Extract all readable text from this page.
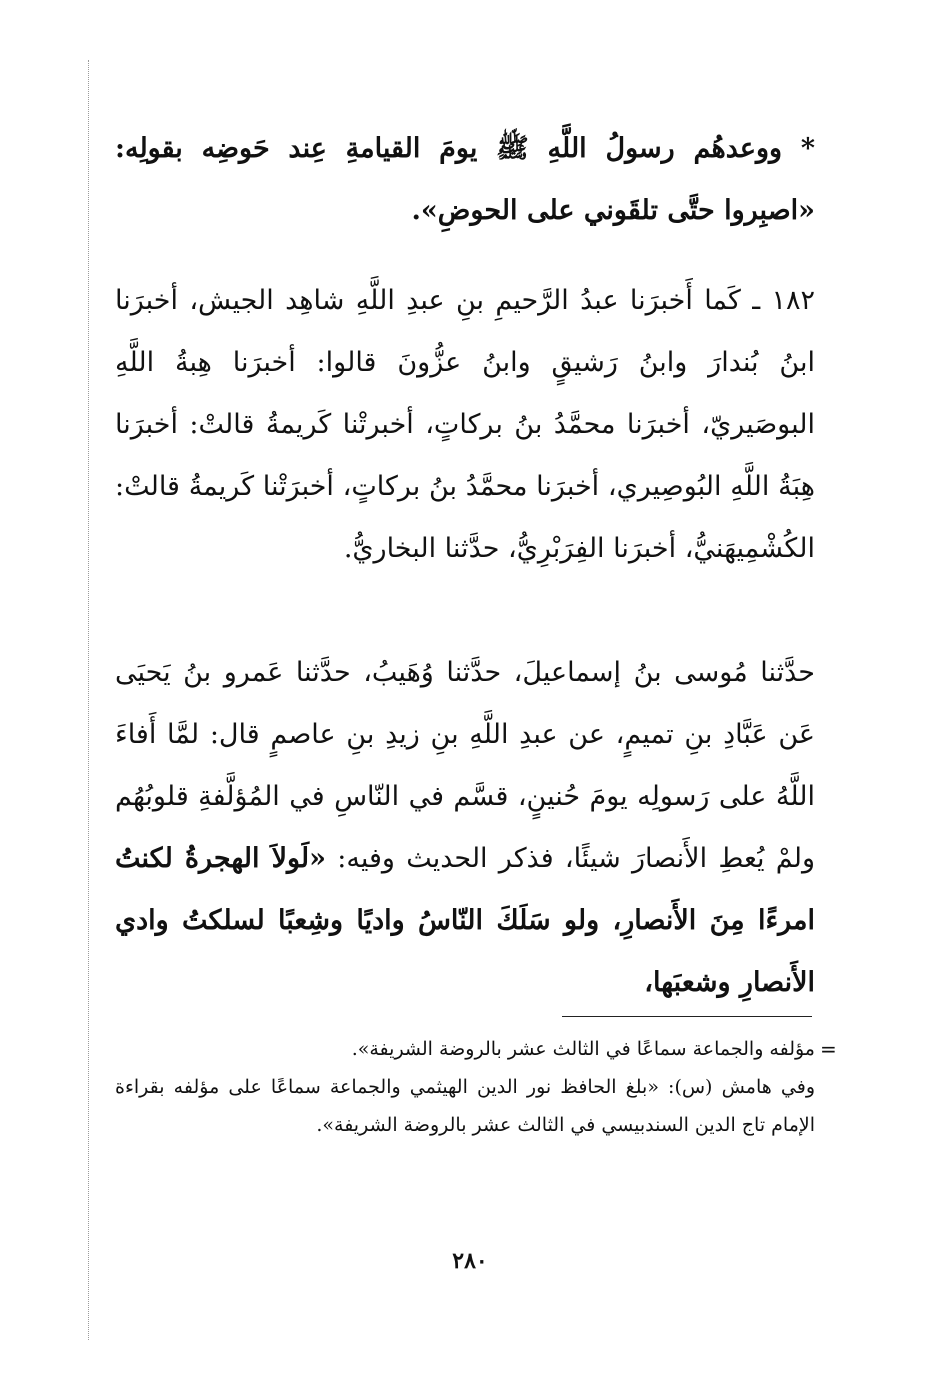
* ووعدهُم رسولُ اللَّهِ ﷺ يومَ القيامةِ عِند حَوضِه بقولِه: «اصبِروا حتَّى تلقَوني على الحوضِ».

١٨٢ ـ كَما أَخبرَنا عبدُ الرَّحيمِ بنِ عبدِ اللَّهِ شاهِد الجيش، أخبرَنا ابنُ بُندارَ وابنُ رَشيقٍ وابنُ عزُّونَ قالوا: أخبرَنا هِبةُ اللَّهِ البوصَيريّ، أخبرَنا محمَّدُ بنُ بركاتٍ، أخبرتْنا كَريمةُ قالتْ: أخبرَنا هِبَةُ اللَّهِ البُوصِيري، أخبرَنا محمَّدُ بنُ بركاتٍ، أخبرَتْنا كَريمةُ قالتْ: الكُشْمِيهَنيُّ، أخبرَنا الفِرَبْرِيُّ، حدَّثنا البخاريُّ.

حدَّثنا مُوسى بنُ إسماعيلَ، حدَّثنا وُهَيبُ، حدَّثنا عَمرو بنُ يَحيَى عَن عَبَّادِ بنِ تميمٍ، عن عبدِ اللَّهِ بنِ زيدِ بنِ عاصمٍ قال: لمَّا أَفاءَ اللَّهُ على رَسولِه يومَ حُنينٍ، قسَّم في النّاسِ في المُؤلَّفةِ قلوبُهُم ولمْ يُعطِ الأَنصارَ شيئًا، فذكر الحديث وفيه: «لَولاَ الهجرةُ لكنتُ امرءًا مِنَ الأَنصارِ، ولو سَلَكَ النّاسُ واديًا وشِعبًا لسلكتُ وادي الأَنصارِ وشعبَها،

=

مؤلفه والجماعة سماعًا في الثالث عشر بالروضة الشريفة».

وفي هامش (س): «بلغ الحافظ نور الدين الهيثمي والجماعة سماعًا على مؤلفه بقراءة الإمام تاج الدين السندبيسي في الثالث عشر بالروضة الشريفة».

٢٨٠
